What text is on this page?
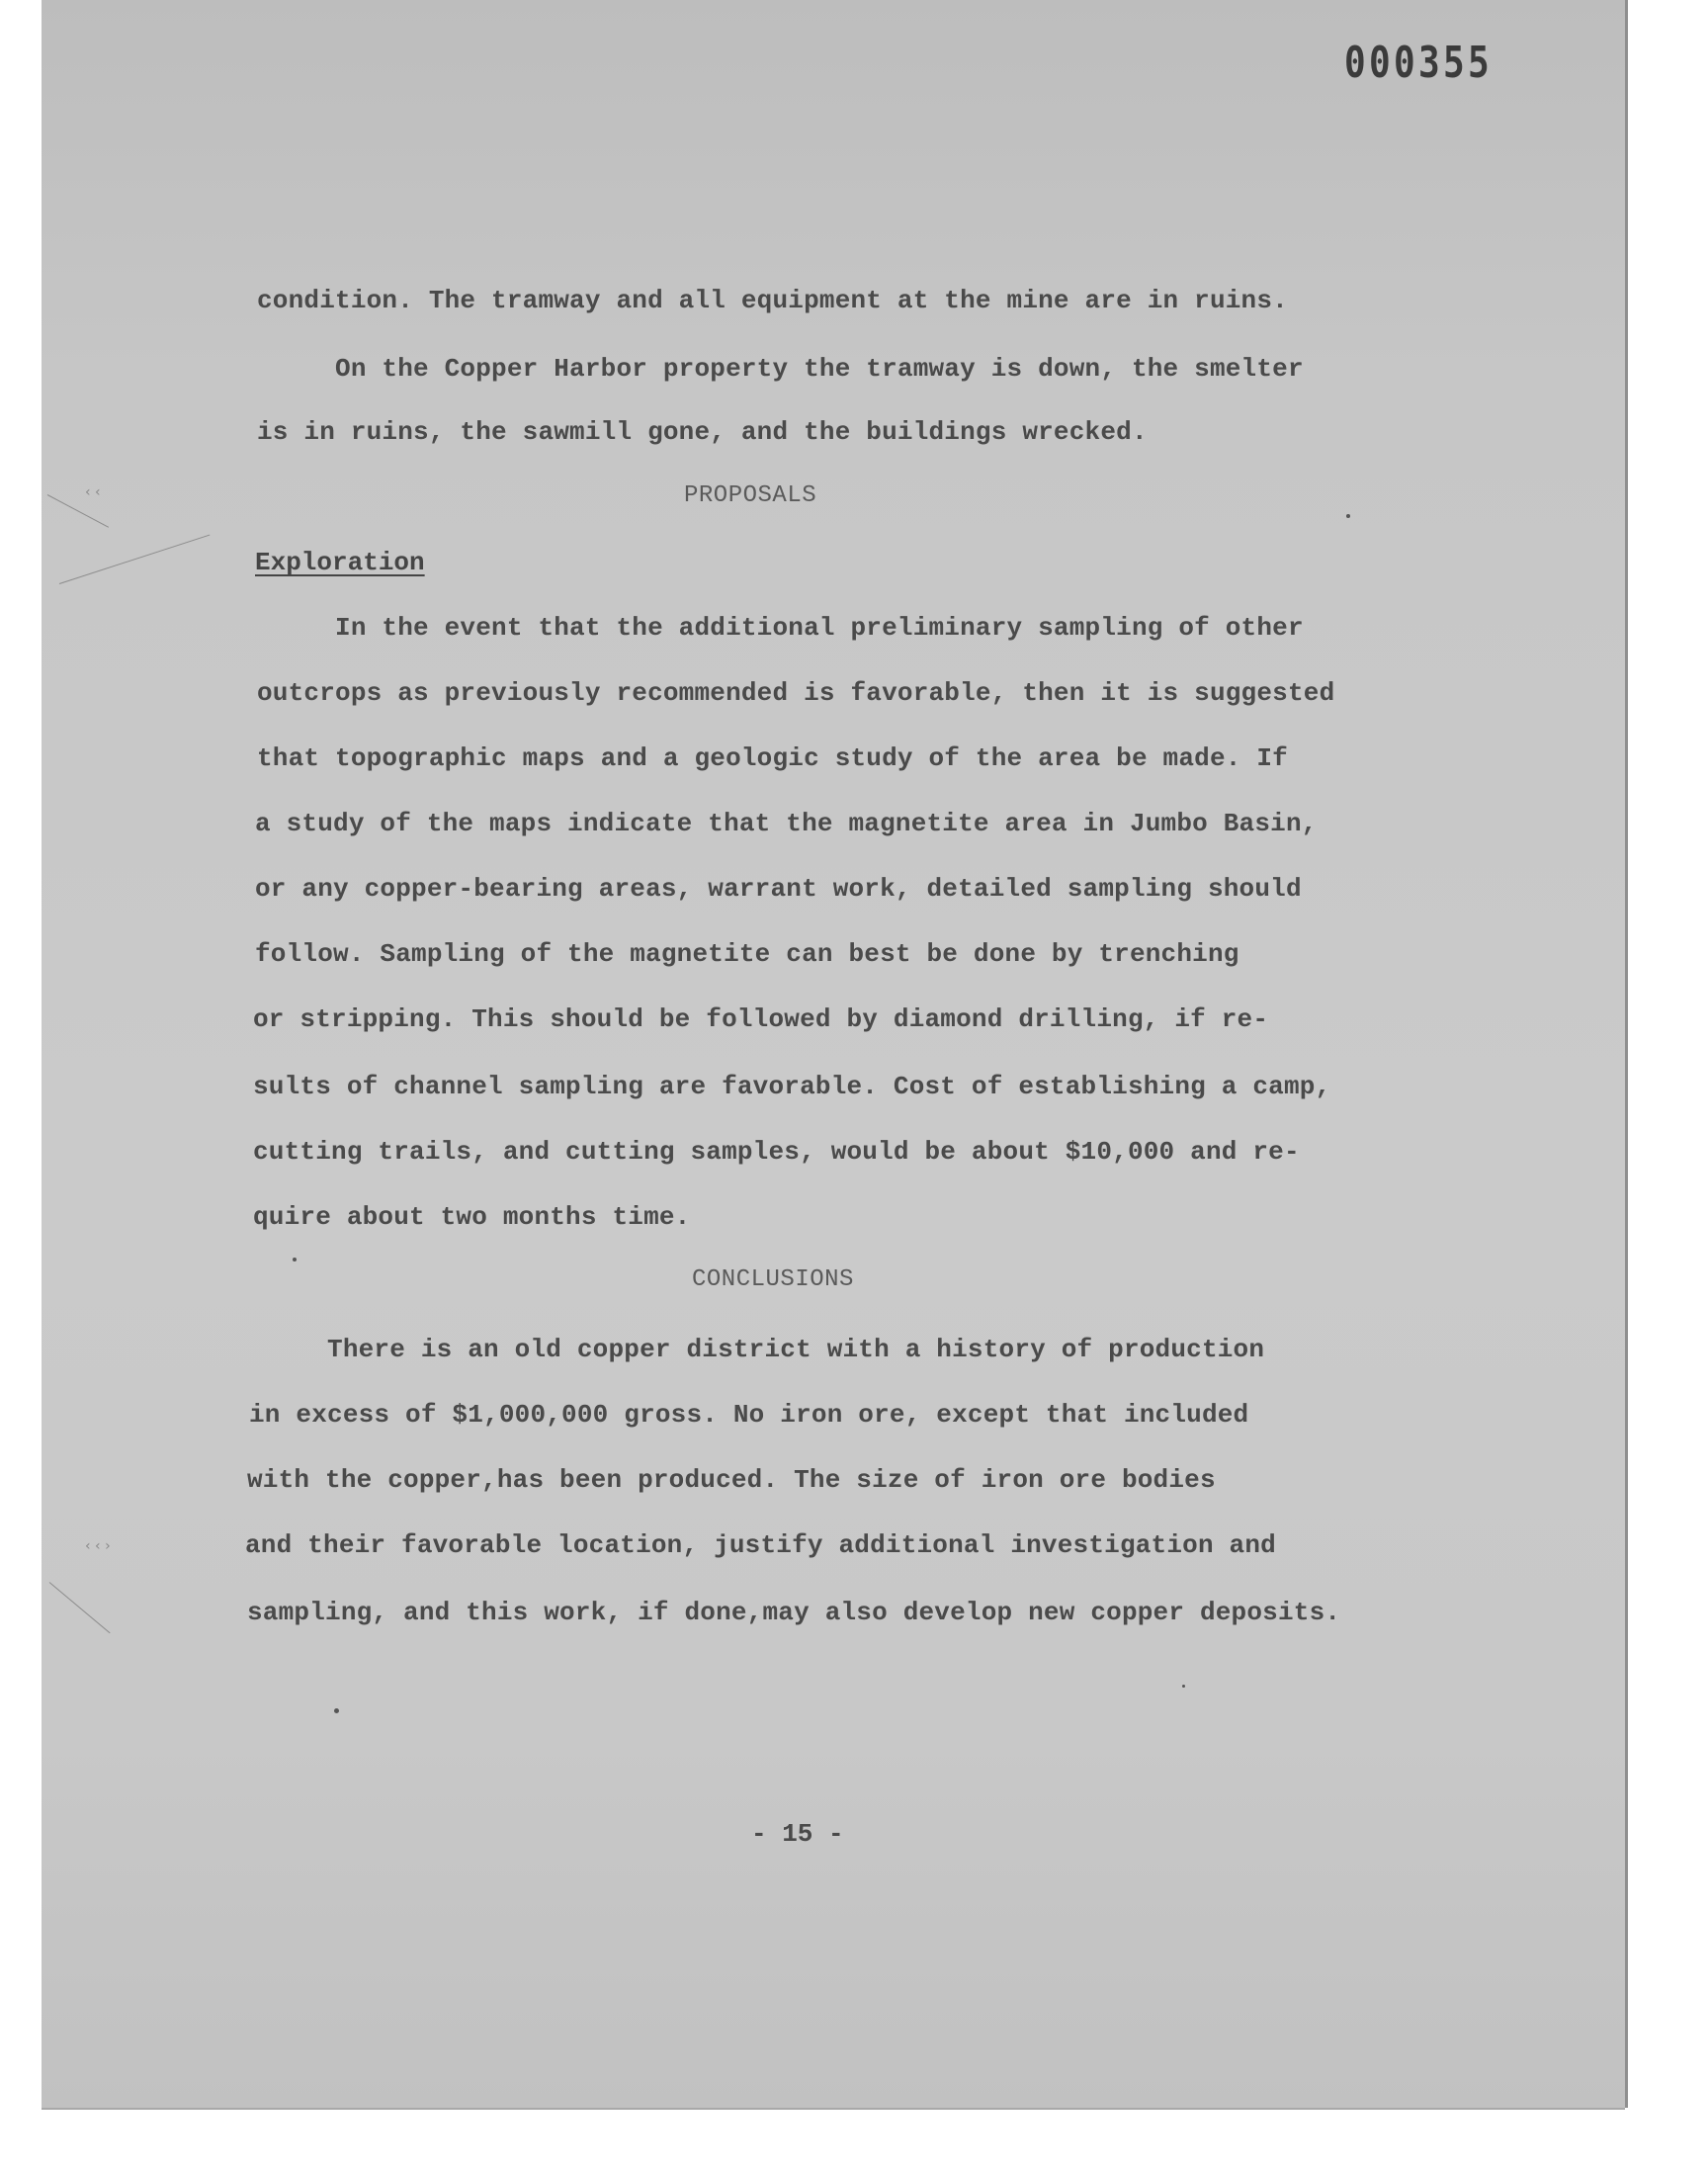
000355
condition. The tramway and all equipment at the mine are in ruins.
On the Copper Harbor property the tramway is down, the smelter
is in ruins, the sawmill gone, and the buildings wrecked.
PROPOSALS
Exploration
In the event that the additional preliminary sampling of other
outcrops as previously recommended is favorable, then it is suggested
that topographic maps and a geologic study of the area be made. If
a study of the maps indicate that the magnetite area in Jumbo Basin,
or any copper-bearing areas, warrant work, detailed sampling should
follow. Sampling of the magnetite can best be done by trenching
or stripping. This should be followed by diamond drilling, if re-
sults of channel sampling are favorable. Cost of establishing a camp,
cutting trails, and cutting samples, would be about $10,000 and re-
quire about two months time.
CONCLUSIONS
There is an old copper district with a history of production
in excess of $1,000,000 gross. No iron ore, except that included
with the copper,has been produced. The size of iron ore bodies
and their favorable location, justify additional investigation and
sampling, and this work, if done,may also develop new copper deposits.
- 15 -
‹ ‹
‹ ‹ ›
